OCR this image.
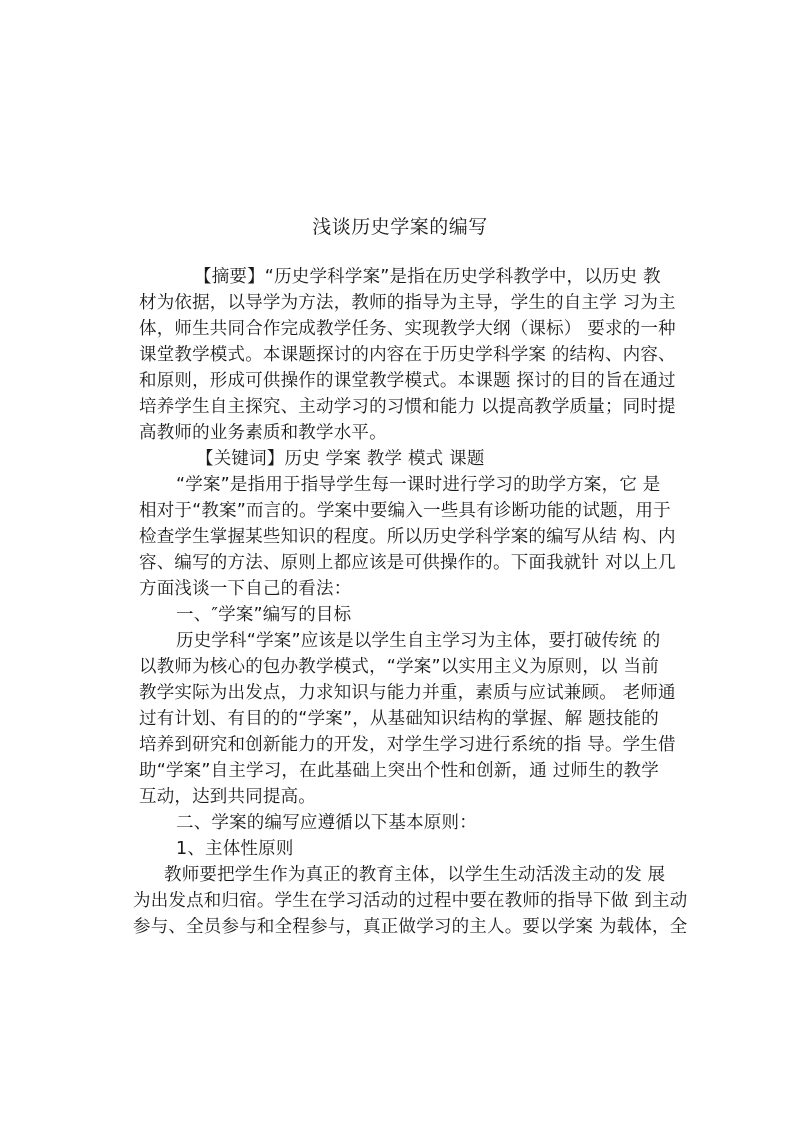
浅谈历史学案的编写
【摘要】“历史学科学案”是指在历史学科教学中，以历史 教
材为依据，以导学为方法，教师的指导为主导，学生的自主学 习为主
体，师生共同合作完成教学任务、实现教学大纲（课标） 要求的一种
课堂教学模式。本课题探讨的内容在于历史学科学案 的结构、内容、
和原则，形成可供操作的课堂教学模式。本课题 探讨的目的旨在通过
培养学生自主探究、主动学习的习惯和能力 以提高教学质量；同时提
高教师的业务素质和教学水平。
【关键词】历史 学案 教学 模式 课题
“学案”是指用于指导学生每一课时进行学习的助学方案，它 是
相对于“教案”而言的。学案中要编入一些具有诊断功能的试题，用于
检查学生掌握某些知识的程度。所以历史学科学案的编写从结 构、内
容、编写的方法、原则上都应该是可供操作的。下面我就针 对以上几
方面浅谈一下自己的看法：
一、″学案”编写的目标
历史学科“学案”应该是以学生自主学习为主体，要打破传统 的
以教师为核心的包办教学模式，“学案”以实用主义为原则，以 当前
教学实际为出发点，力求知识与能力并重，素质与应试兼顾。 老师通
过有计划、有目的的“学案”，从基础知识结构的掌握、解 题技能的
培养到研究和创新能力的开发，对学生学习进行系统的指 导。学生借
助“学案”自主学习，在此基础上突出个性和创新，通 过师生的教学
互动，达到共同提高。
二、学案的编写应遵循以下基本原则：
1、主体性原则
教师要把学生作为真正的教育主体，以学生生动活泼主动的发 展
为出发点和归宿。学生在学习活动的过程中要在教师的指导下做 到主动
参与、全员参与和全程参与，真正做学习的主人。要以学案 为载体，全
